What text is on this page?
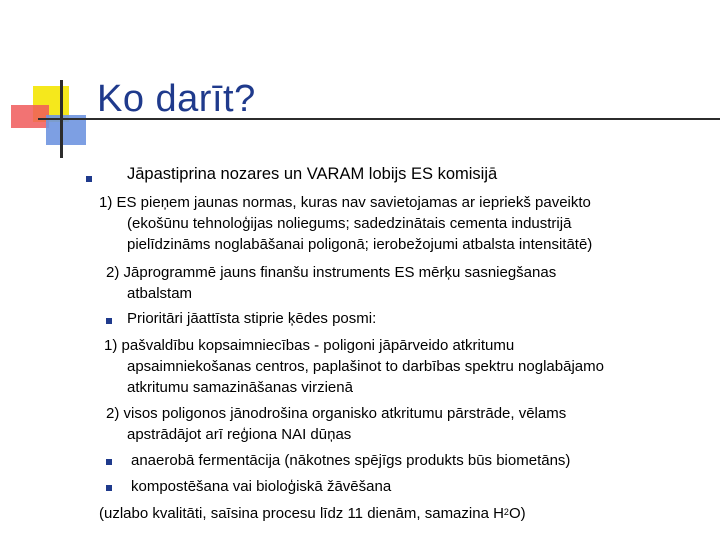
Ko darīt?
Jāpastiprina nozares un VARAM lobijs ES komisijā
1) ES pieņem jaunas normas, kuras nav savietojamas ar iepriekš paveikto
(ekošūnu tehnoloģijas noliegums; sadedzinātais cementa industrijā
pielīdzināms noglabāšanai poligonā; ierobežojumi atbalsta intensitātē)
2) Jāprogrammē jauns finanšu instruments ES mērķu sasniegšanas
atbalstam
Prioritāri jāattīsta stiprie ķēdes posmi:
1) pašvaldību kopsaimniecības - poligoni jāpārveido atkritumu
apsaimniekošanas centros, paplašinot to darbības spektru noglabājamo
atkritumu samazināšanas virzienā
2) visos poligonos jānodrošina organisko atkritumu pārstrāde, vēlams
apstrādājot arī reģiona NAI dūņas
anaerobā fermentācija (nākotnes spējīgs produkts būs biometāns)
kompostēšana vai bioloģiskā žāvēšana
(uzlabo kvalitāti, saīsina procesu līdz 11 dienām, samazina $H^2O$)
